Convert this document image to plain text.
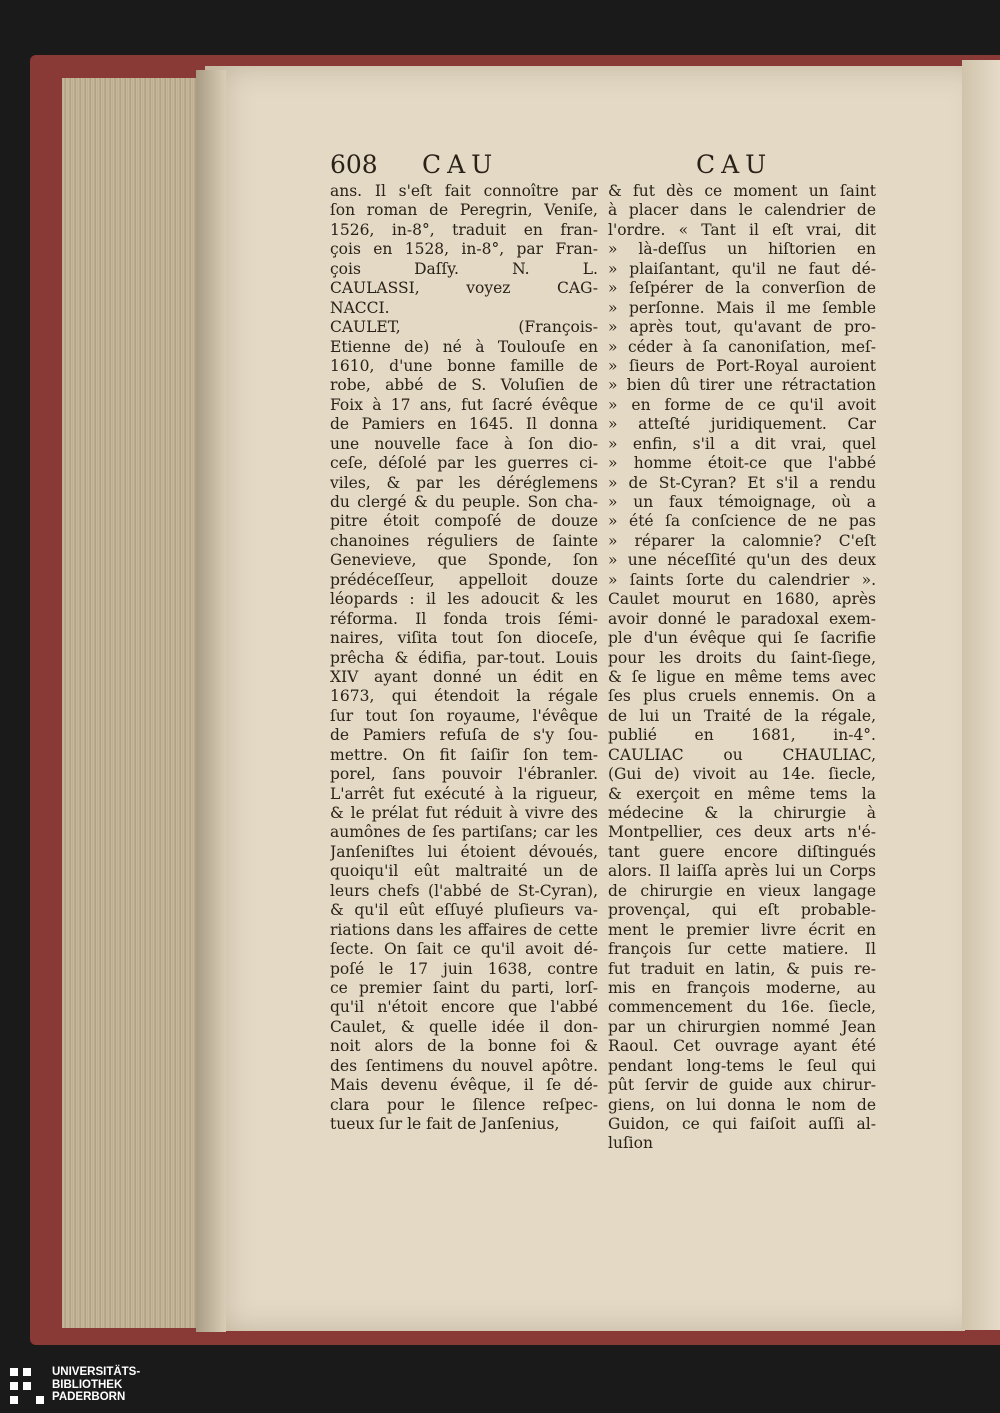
608 CAU	CAU
ans. Il s'eſt fait connoître par
ſon roman de Peregrin, Veniſe,
1526, in-8°, traduit en fran-
çois en 1528, in-8°, par Fran-
çois Daſſy. N. L.
CAULASSI, voyez CAG-
NACCI.
CAULET, (François-
Etienne de) né à Toulouſe en
1610, d'une bonne famille de
robe, abbé de S. Voluſien de
Foix à 17 ans, fut ſacré évêque
de Pamiers en 1645. Il donna
une nouvelle face à ſon dio-
ceſe, déſolé par les guerres ci-
viles, & par les déréglemens
du clergé & du peuple. Son cha-
pitre étoit compoſé de douze
chanoines réguliers de ſainte
Genevieve, que Sponde, ſon
prédéceſſeur, appelloit douze
léopards : il les adoucit & les
réforma. Il fonda trois ſémi-
naires, viſita tout ſon dioceſe,
prêcha & édifia, par-tout. Louis
XIV ayant donné un édit en
1673, qui étendoit la régale
ſur tout ſon royaume, l'évêque
de Pamiers refuſa de s'y ſou-
mettre. On fit ſaiſir ſon tem-
porel, ſans pouvoir l'ébranler.
L'arrêt fut exécuté à la rigueur,
& le prélat fut réduit à vivre des
aumônes de ſes partiſans; car les
Janſeniſtes lui étoient dévoués,
quoiqu'il eût maltraité un de
leurs chefs (l'abbé de St-Cyran),
& qu'il eût eſſuyé pluſieurs va-
riations dans les affaires de cette
ſecte. On ſait ce qu'il avoit dé-
poſé le 17 juin 1638, contre
ce premier ſaint du parti, lorſ-
qu'il n'étoit encore que l'abbé
Caulet, & quelle idée il don-
noit alors de la bonne foi &
des ſentimens du nouvel apôtre.
Mais devenu évêque, il ſe dé-
clara pour le ſilence reſpec-
tueux ſur le fait de Janſenius,
& fut dès ce moment un ſaint
à placer dans le calendrier de
l'ordre. « Tant il eſt vrai, dit
» là-deſſus un hiſtorien en
» plaiſantant, qu'il ne faut dé-
» ſeſpérer de la converſion de
» perſonne. Mais il me ſemble
» après tout, qu'avant de pro-
» céder à ſa canoniſation, meſ-
» ſieurs de Port-Royal auroient
» bien dû tirer une rétractation
» en forme de ce qu'il avoit
» atteſté juridiquement. Car
» enfin, s'il a dit vrai, quel
» homme étoit-ce que l'abbé
» de St-Cyran? Et s'il a rendu
» un faux témoignage, où a
» été ſa conſcience de ne pas
» réparer la calomnie? C'eſt
» une néceſſité qu'un des deux
» ſaints ſorte du calendrier ».
Caulet mourut en 1680, après
avoir donné le paradoxal exem-
ple d'un évêque qui ſe ſacrifie
pour les droits du ſaint-ſiege,
& ſe ligue en même tems avec
ſes plus cruels ennemis. On a
de lui un Traité de la régale,
publié en 1681, in-4°.
CAULIAC ou CHAULIAC,
(Gui de) vivoit au 14e. ſiecle,
& exerçoit en même tems la
médecine & la chirurgie à
Montpellier, ces deux arts n'é-
tant guere encore diſtingués
alors. Il laiſſa après lui un Corps
de chirurgie en vieux langage
provençal, qui eſt probable-
ment le premier livre écrit en
françois ſur cette matiere. Il
fut traduit en latin, & puis re-
mis en françois moderne, au
commencement du 16e. ſiecle,
par un chirurgien nommé Jean
Raoul. Cet ouvrage ayant été
pendant long-tems le ſeul qui
pût ſervir de guide aux chirur-
giens, on lui donna le nom de
Guidon, ce qui faiſoit auſſi al-
luſion
UNIVERSITÄTS-
BIBLIOTHEK
PADERBORN
